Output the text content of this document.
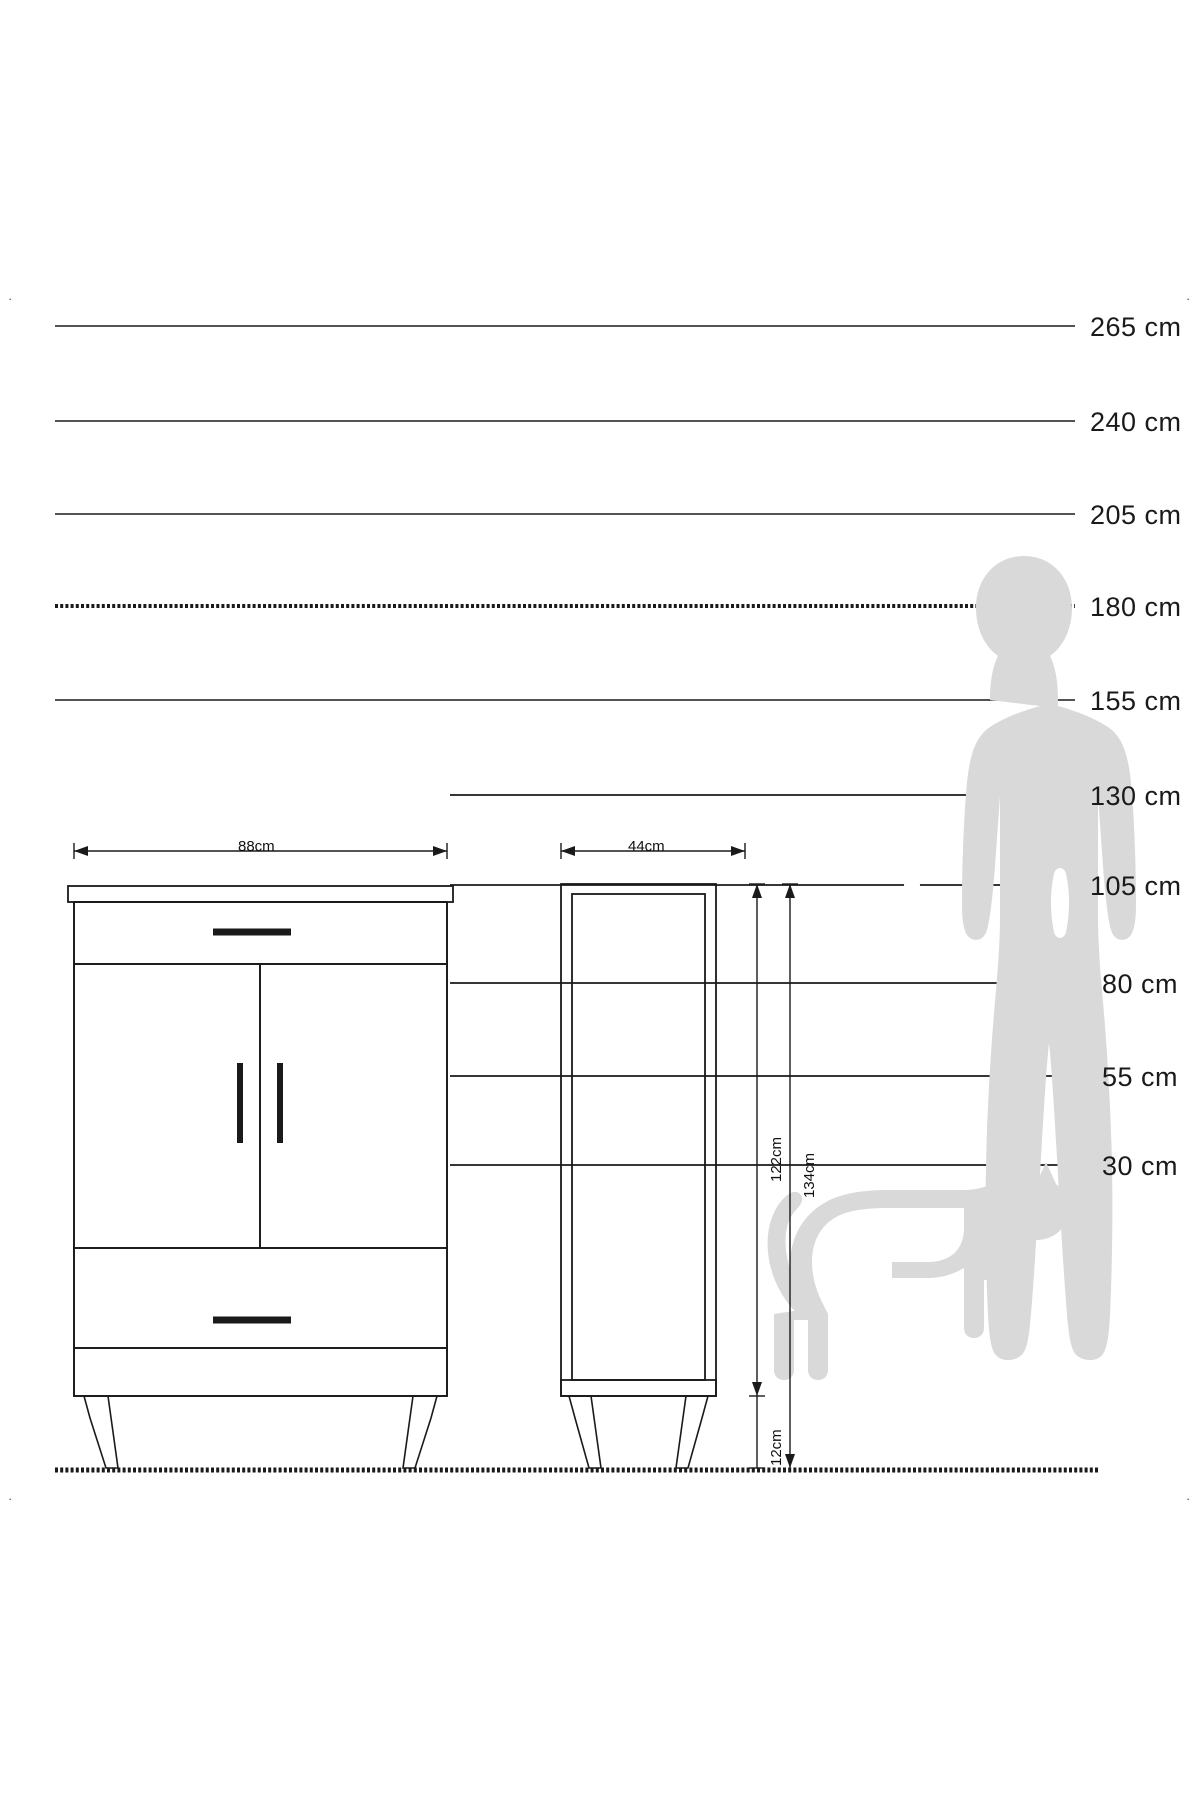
265 cm
240 cm
205 cm
180 cm
155 cm
130 cm
105 cm
80 cm
55 cm
30 cm
88cm	44cm
122cm 134cm
12cm
·	·
·	·
